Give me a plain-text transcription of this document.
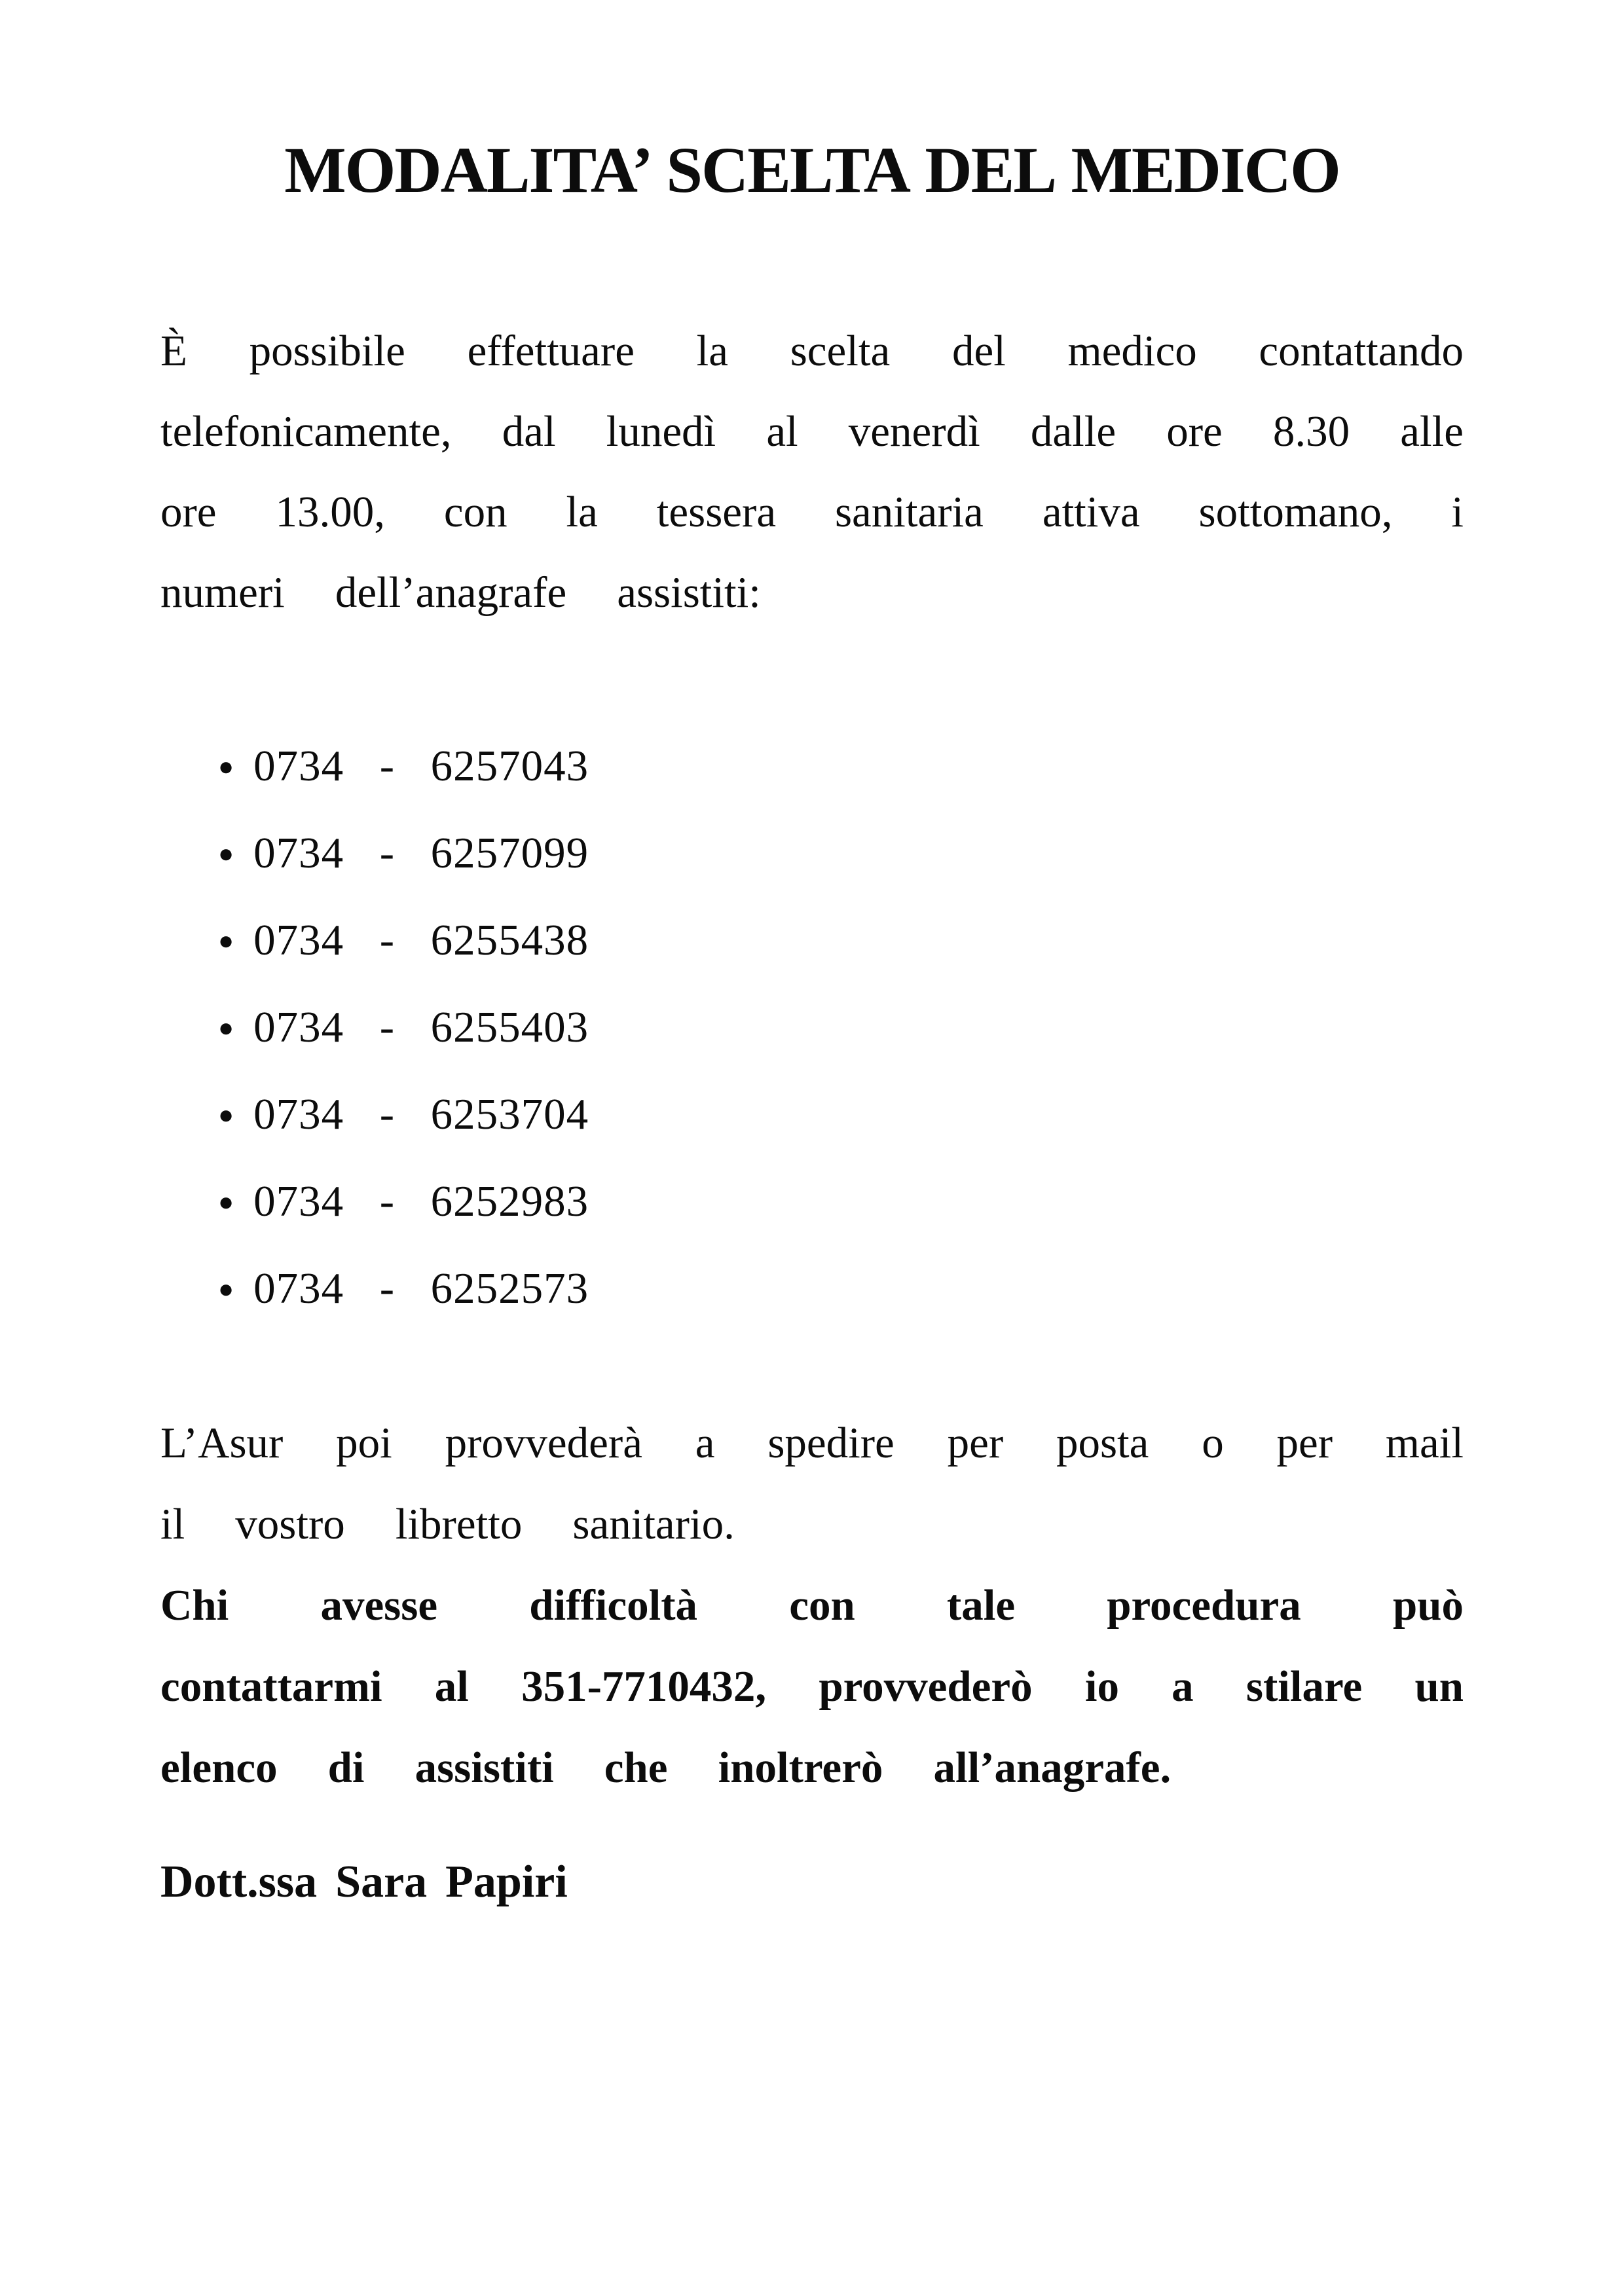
MODALITA’ SCELTA DEL MEDICO

È possibile effettuare la scelta del medico contattando telefonicamente, dal lunedì al venerdì dalle ore 8.30 alle ore 13.00, con la tessera sanitaria attiva sottomano, i numeri dell’anagrafe assistiti:

● 0734 - 6257043
● 0734 - 6257099
● 0734 - 6255438
● 0734 - 6255403
● 0734 - 6253704
● 0734 - 6252983
● 0734 - 6252573

L’Asur poi provvederà a spedire per posta o per mail il vostro libretto sanitario.

Chi avesse difficoltà con tale procedura può contattarmi al 351-7710432, provvederò io a stilare un elenco di assistiti che inoltrerò all’anagrafe.

Dott.ssa Sara Papiri
